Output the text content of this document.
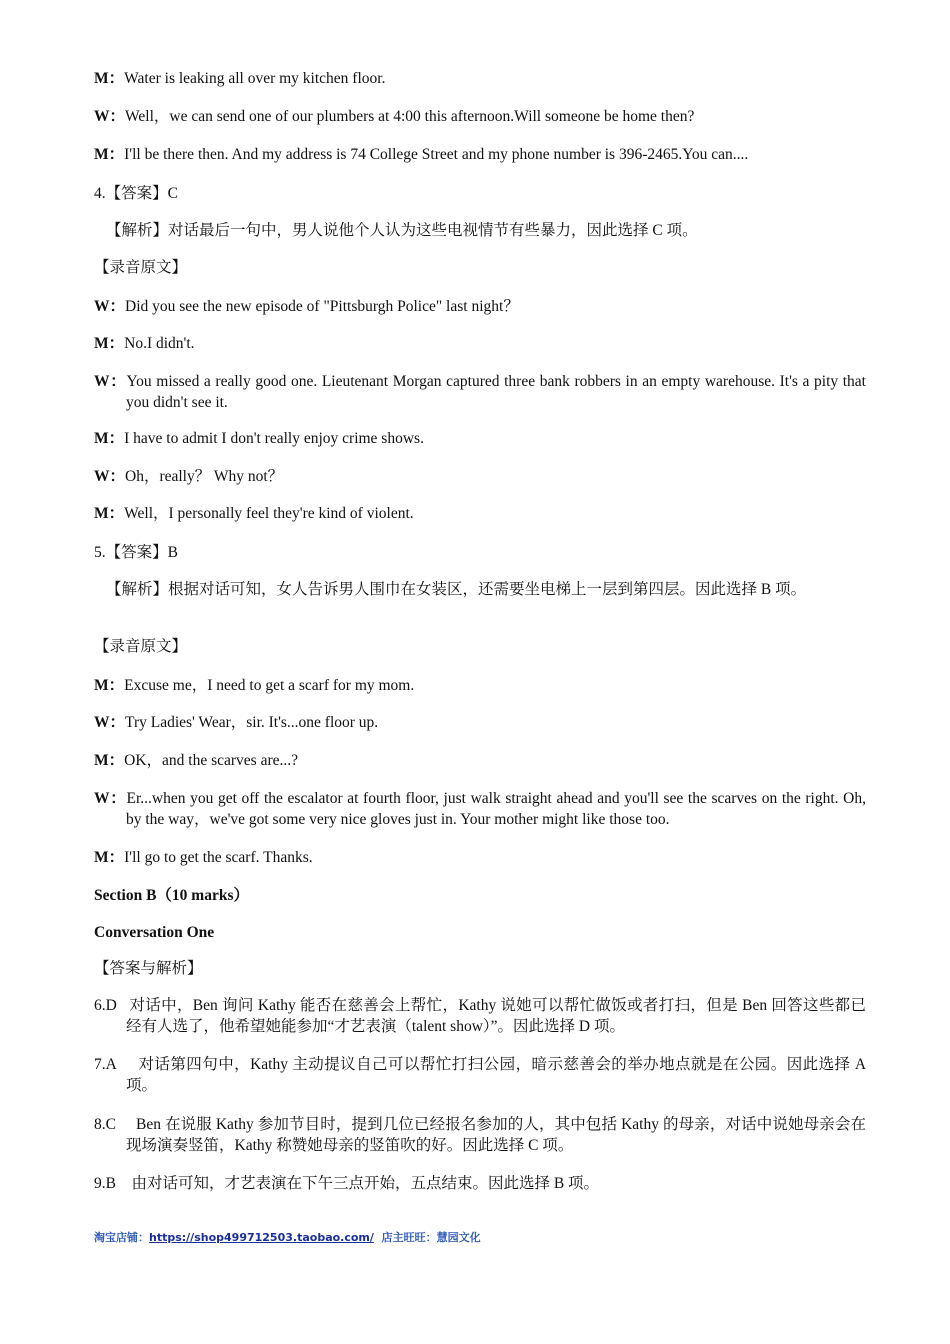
M：Water is leaking all over my kitchen floor.
W：Well，we can send one of our plumbers at 4:00 this afternoon.Will someone be home then?
M：I'll be there then. And my address is 74 College Street and my phone number is 396-2465.You can....
4.【答案】C
【解析】对话最后一句中，男人说他个人认为这些电视情节有些暴力，因此选择 C 项。
【录音原文】
W：Did you see the new episode of "Pittsburgh Police" last night？
M：No.I didn't.
W：You missed a really good one. Lieutenant Morgan captured three bank robbers in an empty warehouse. It's a pity that you didn't see it.
M：I have to admit I don't really enjoy crime shows.
W：Oh，really？ Why not？
M：Well，I personally feel they're kind of violent.
5.【答案】B
【解析】根据对话可知，女人告诉男人围巾在女装区，还需要坐电梯上一层到第四层。因此选择 B 项。
【录音原文】
M：Excuse me，I need to get a scarf for my mom.
W：Try Ladies' Wear，sir. It's...one floor up.
M：OK，and the scarves are...?
W：Er...when you get off the escalator at fourth floor, just walk straight ahead and you'll see the scarves on the right. Oh, by the way，we've got some very nice gloves just in. Your mother might like those too.
M：I'll go to get the scarf. Thanks.
Section B（10 marks）
Conversation One
【答案与解析】
6.D 对话中，Ben 询问 Kathy 能否在慈善会上帮忙，Kathy 说她可以帮忙做饭或者打扫，但是 Ben 回答这些都已经有人选了，他希望她能参加“才艺表演（talent show）”。因此选择 D 项。
7.A 对话第四句中，Kathy 主动提议自己可以帮忙打扫公园，暗示慈善会的举办地点就是在公园。因此选择 A 项。
8.C Ben 在说服 Kathy 参加节目时，提到几位已经报名参加的人，其中包括 Kathy 的母亲，对话中说她母亲会在现场演奏竖笛，Kathy 称赞她母亲的竖笛吹的好。因此选择 C 项。
9.B 由对话可知，才艺表演在下午三点开始，五点结束。因此选择 B 项。
淘宝店铺：https://shop499712503.taobao.com/ 店主旺旺：慧园文化
